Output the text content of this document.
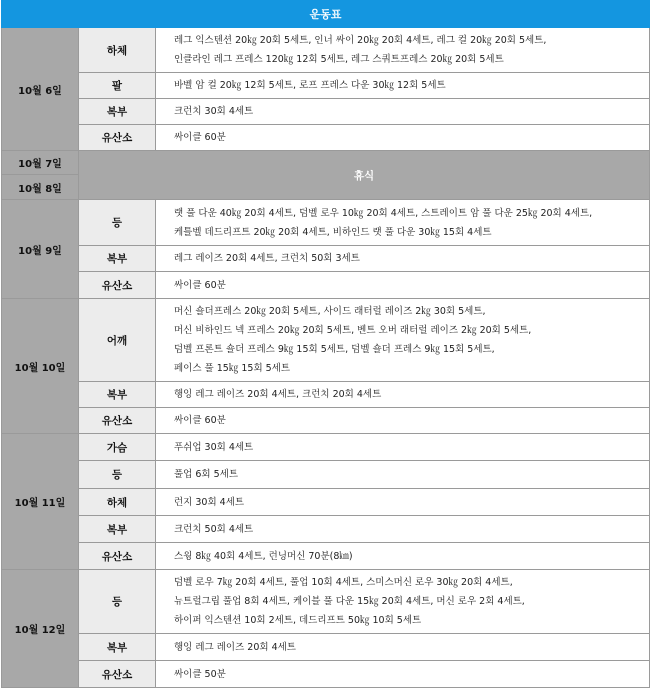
운동표		
10월 6일	하체	레그 익스텐션 20㎏ 20회 5세트, 인너 싸이 20㎏ 20회 4세트, 레그 컬 20㎏ 20회 5세트,
인클라인 레그 프레스 120㎏ 12회 5세트, 레그 스쿼트프레스 20㎏ 20회 5세트

	팔	바벨 암 컬 20㎏ 12회 5세트, 로프 프레스 다운 30㎏ 12회 5세트

	복부	크런치 30회 4세트

	유산소	싸이클 60분

10월 7일	휴식	
10월 8일		
10월 9일	등	랫 풀 다운 40㎏ 20회 4세트, 덤벨 로우 10㎏ 20회 4세트, 스트레이트 암 풀 다운 25㎏ 20회 4세트,
케틀벨 데드리프트 20㎏ 20회 4세트, 비하인드 랫 풀 다운 30㎏ 15회 4세트

	복부	레그 레이즈 20회 4세트, 크런치 50회 3세트

	유산소	싸이클 60분

10월 10일	어깨	머신 숄더프레스 20㎏ 20회 5세트, 사이드 래터럴 레이즈 2㎏ 30회 5세트,
머신 비하인드 넥 프레스 20㎏ 20회 5세트, 벤트 오버 래터럴 레이즈 2㎏ 20회 5세트,
덤벨 프론트 숄더 프레스 9㎏ 15회 5세트, 덤벨 숄더 프레스 9㎏ 15회 5세트,
페이스 풀 15㎏ 15회 5세트

	복부	행잉 레그 레이즈 20회 4세트, 크런치 20회 4세트

	유산소	싸이클 60분

10월 11일	가슴	푸쉬업 30회 4세트

	등	풀업 6회 5세트

	하체	런지 30회 4세트

	복부	크런치 50회 4세트

	유산소	스윙 8㎏ 40회 4세트, 런닝머신 70분(8㎞)

10월 12일	등	덤벨 로우 7㎏ 20회 4세트, 풀업 10회 4세트, 스미스머신 로우 30㎏ 20회 4세트,
뉴트럴그립 풀업 8회 4세트, 케이블 풀 다운 15㎏ 20회 4세트, 머신 로우 2회 4세트,
하이퍼 익스텐션 10회 2세트, 데드리프트 50㎏ 10회 5세트

	복부	행잉 레그 레이즈 20회 4세트

	유산소	싸이클 50분
